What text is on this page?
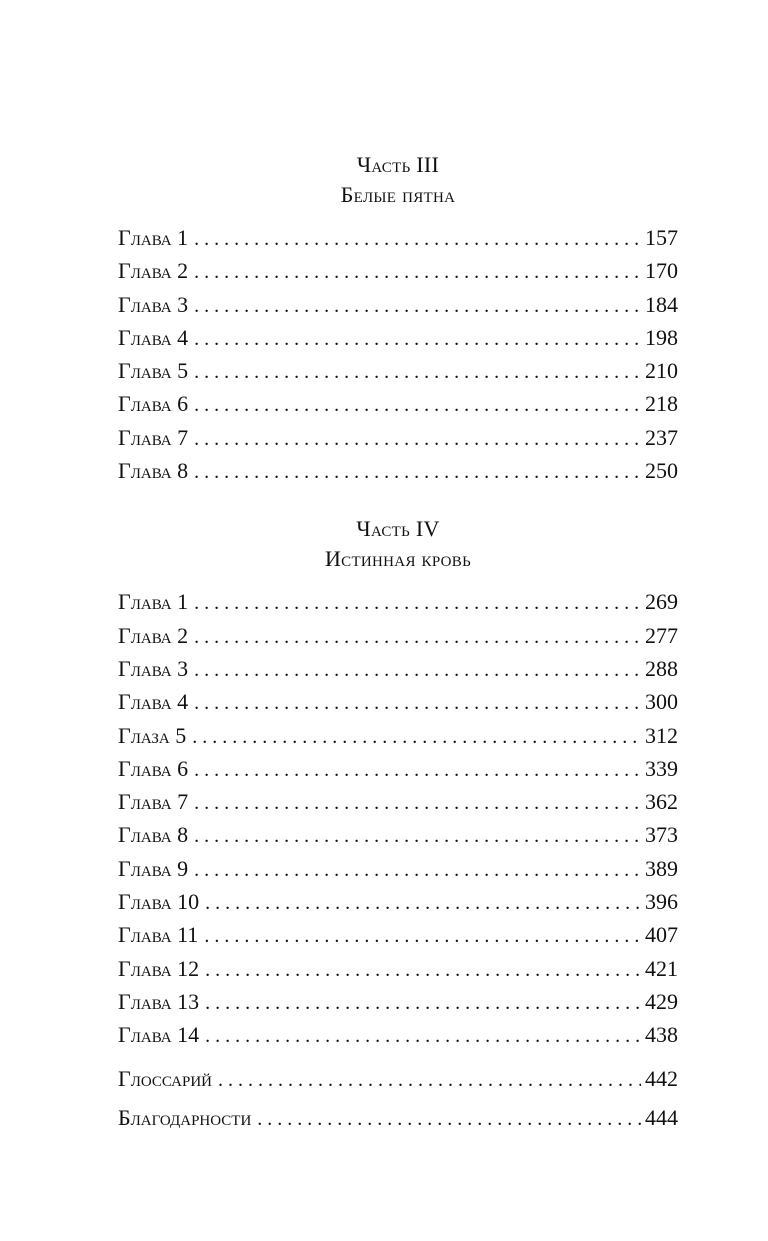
Часть III
Белые пятна
Глава 1 . . .	157
Глава 2 . . .	170
Глава 3 . . .	184
Глава 4 . . .	198
Глава 5 . . .	210
Глава 6 . . .	218
Глава 7 . . .	237
Глава 8 . . .	250
Часть IV
Истинная кровь
Глава 1 . . .	269
Глава 2 . . .	277
Глава 3 . . .	288
Глава 4 . . .	300
Глаза 5 . . .	312
Глава 6 . . .	339
Глава 7 . . .	362
Глава 8 . . .	373
Глава 9 . . .	389
Глава 10 . . .	396
Глава 11 . . .	407
Глава 12 . . .	421
Глава 13 . . .	429
Глава 14 . . .	438
Глоссарий . . .	442
Благодарности . . .	444
